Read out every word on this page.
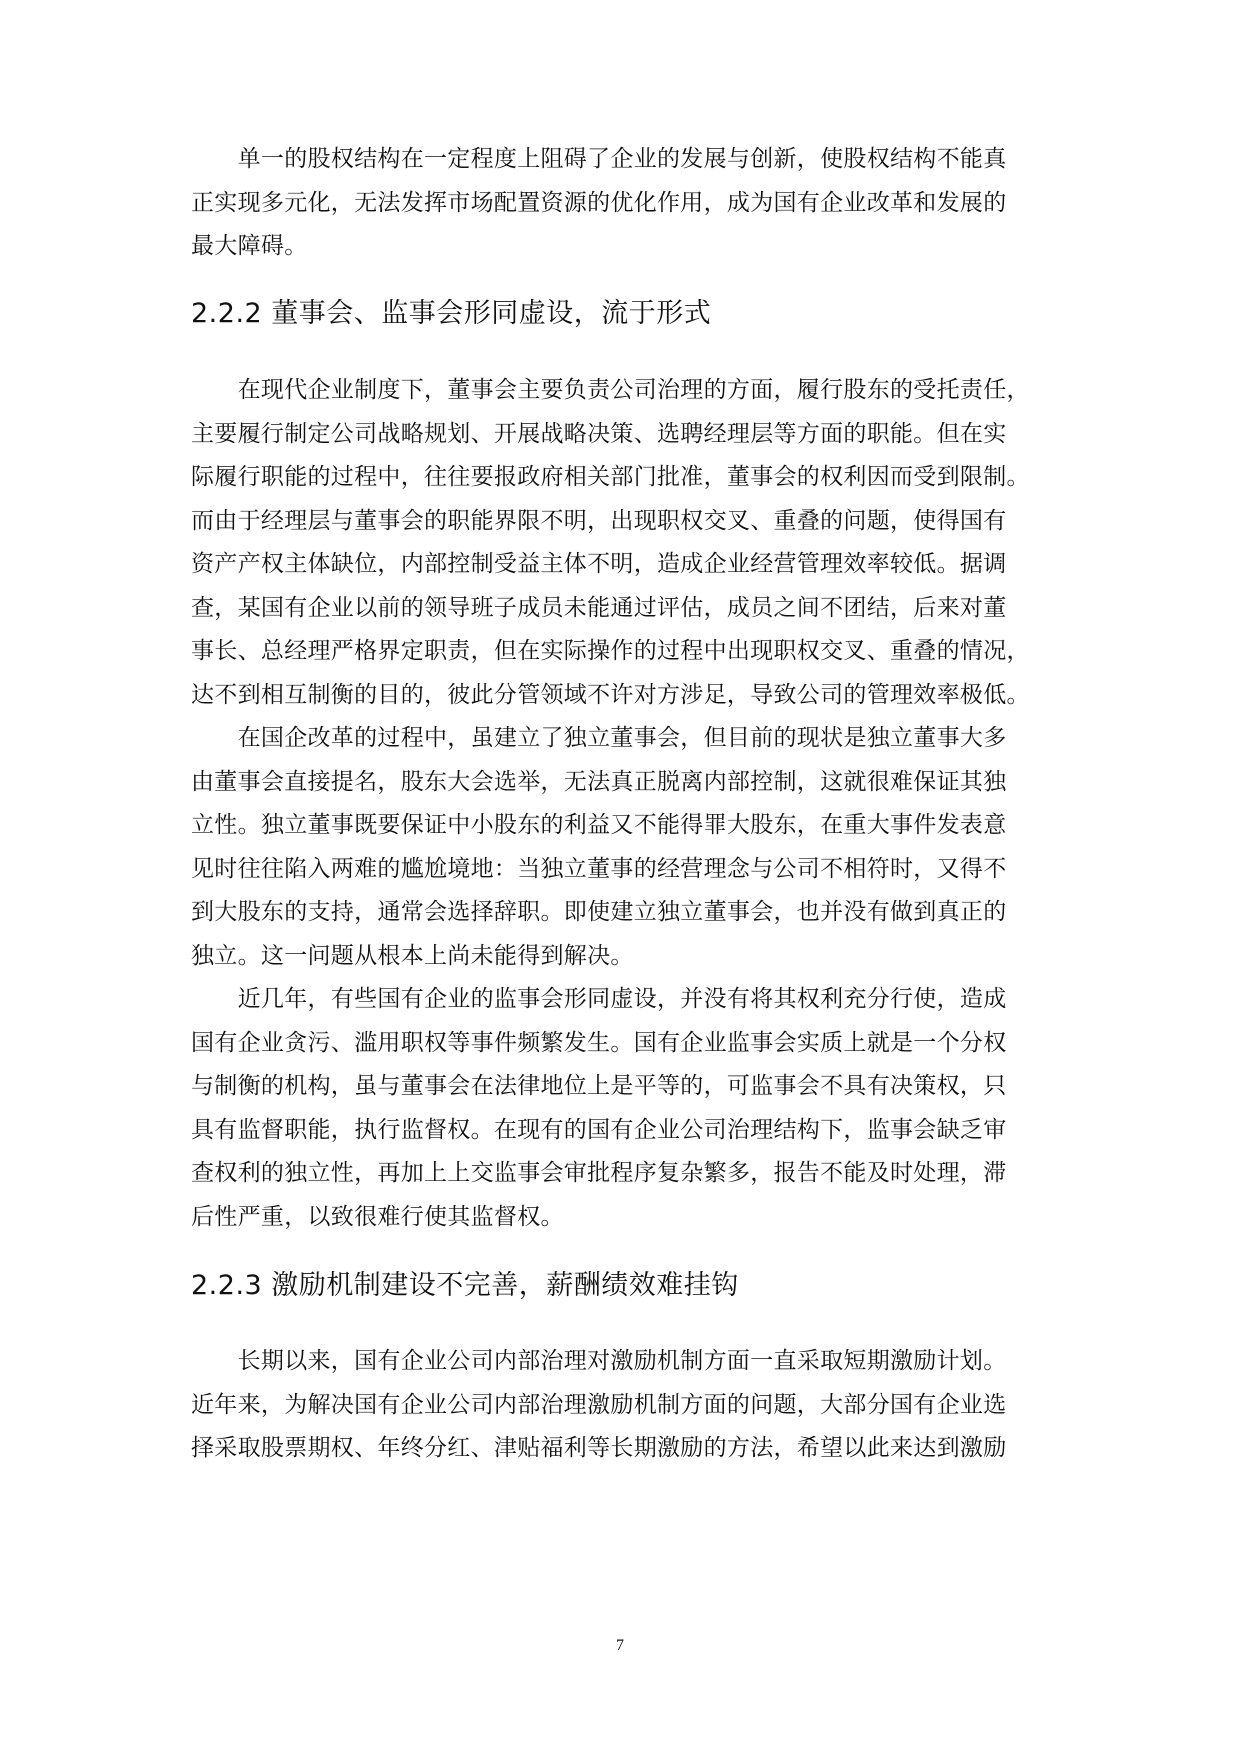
　　单一的股权结构在一定程度上阻碍了企业的发展与创新，使股权结构不能真
正实现多元化，无法发挥市场配置资源的优化作用，成为国有企业改革和发展的
最大障碍。
2.2.2 董事会、监事会形同虚设，流于形式
　　在现代企业制度下，董事会主要负责公司治理的方面，履行股东的受托责任，
主要履行制定公司战略规划、开展战略决策、选聘经理层等方面的职能。但在实
际履行职能的过程中，往往要报政府相关部门批准，董事会的权利因而受到限制。
而由于经理层与董事会的职能界限不明，出现职权交叉、重叠的问题，使得国有
资产产权主体缺位，内部控制受益主体不明，造成企业经营管理效率较低。据调
查，某国有企业以前的领导班子成员未能通过评估，成员之间不团结，后来对董
事长、总经理严格界定职责，但在实际操作的过程中出现职权交叉、重叠的情况，
达不到相互制衡的目的，彼此分管领域不许对方涉足，导致公司的管理效率极低。
　　在国企改革的过程中，虽建立了独立董事会，但目前的现状是独立董事大多
由董事会直接提名，股东大会选举，无法真正脱离内部控制，这就很难保证其独
立性。独立董事既要保证中小股东的利益又不能得罪大股东，在重大事件发表意
见时往往陷入两难的尴尬境地：当独立董事的经营理念与公司不相符时，又得不
到大股东的支持，通常会选择辞职。即使建立独立董事会，也并没有做到真正的
独立。这一问题从根本上尚未能得到解决。
　　近几年，有些国有企业的监事会形同虚设，并没有将其权利充分行使，造成
国有企业贪污、滥用职权等事件频繁发生。国有企业监事会实质上就是一个分权
与制衡的机构，虽与董事会在法律地位上是平等的，可监事会不具有决策权，只
具有监督职能，执行监督权。在现有的国有企业公司治理结构下，监事会缺乏审
查权利的独立性，再加上上交监事会审批程序复杂繁多，报告不能及时处理，滞
后性严重，以致很难行使其监督权。
2.2.3 激励机制建设不完善，薪酬绩效难挂钩
　　长期以来，国有企业公司内部治理对激励机制方面一直采取短期激励计划。
近年来，为解决国有企业公司内部治理激励机制方面的问题，大部分国有企业选
择采取股票期权、年终分红、津贴福利等长期激励的方法，希望以此来达到激励
7
